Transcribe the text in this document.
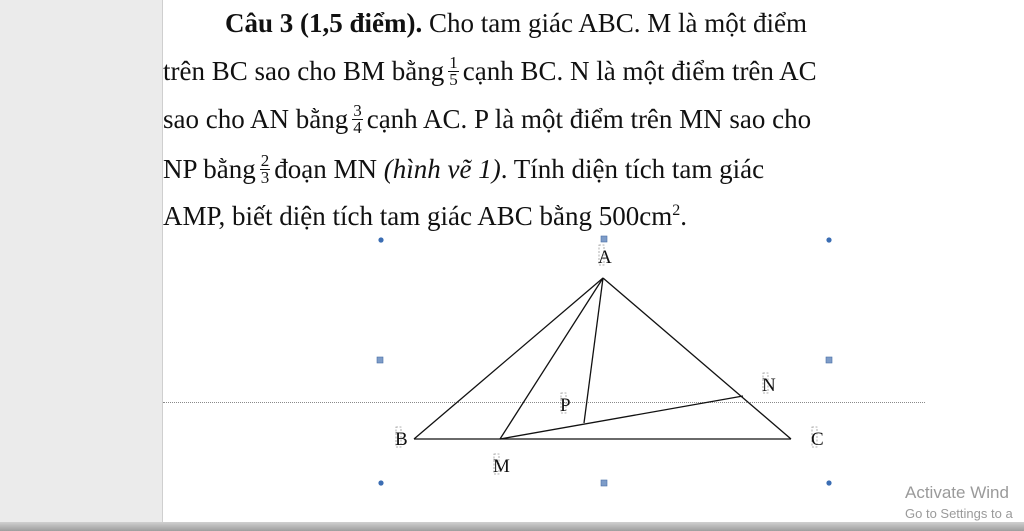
Câu 3 (1,5 điểm). Cho tam giác ABC. M là một điểm
trên BC sao cho BM bằng $\frac{1}{5}$ cạnh BC. N là một điểm trên AC
sao cho AN bằng $\frac{3}{4}$ cạnh AC. P là một điểm trên MN sao cho
NP bằng $\frac{2}{3}$ đoạn MN (hình vẽ 1). Tính diện tích tam giác
AMP, biết diện tích tam giác ABC bằng $500cm^2$.
A
B	C
M
N
P
Activate Wind
Go to Settings to a
